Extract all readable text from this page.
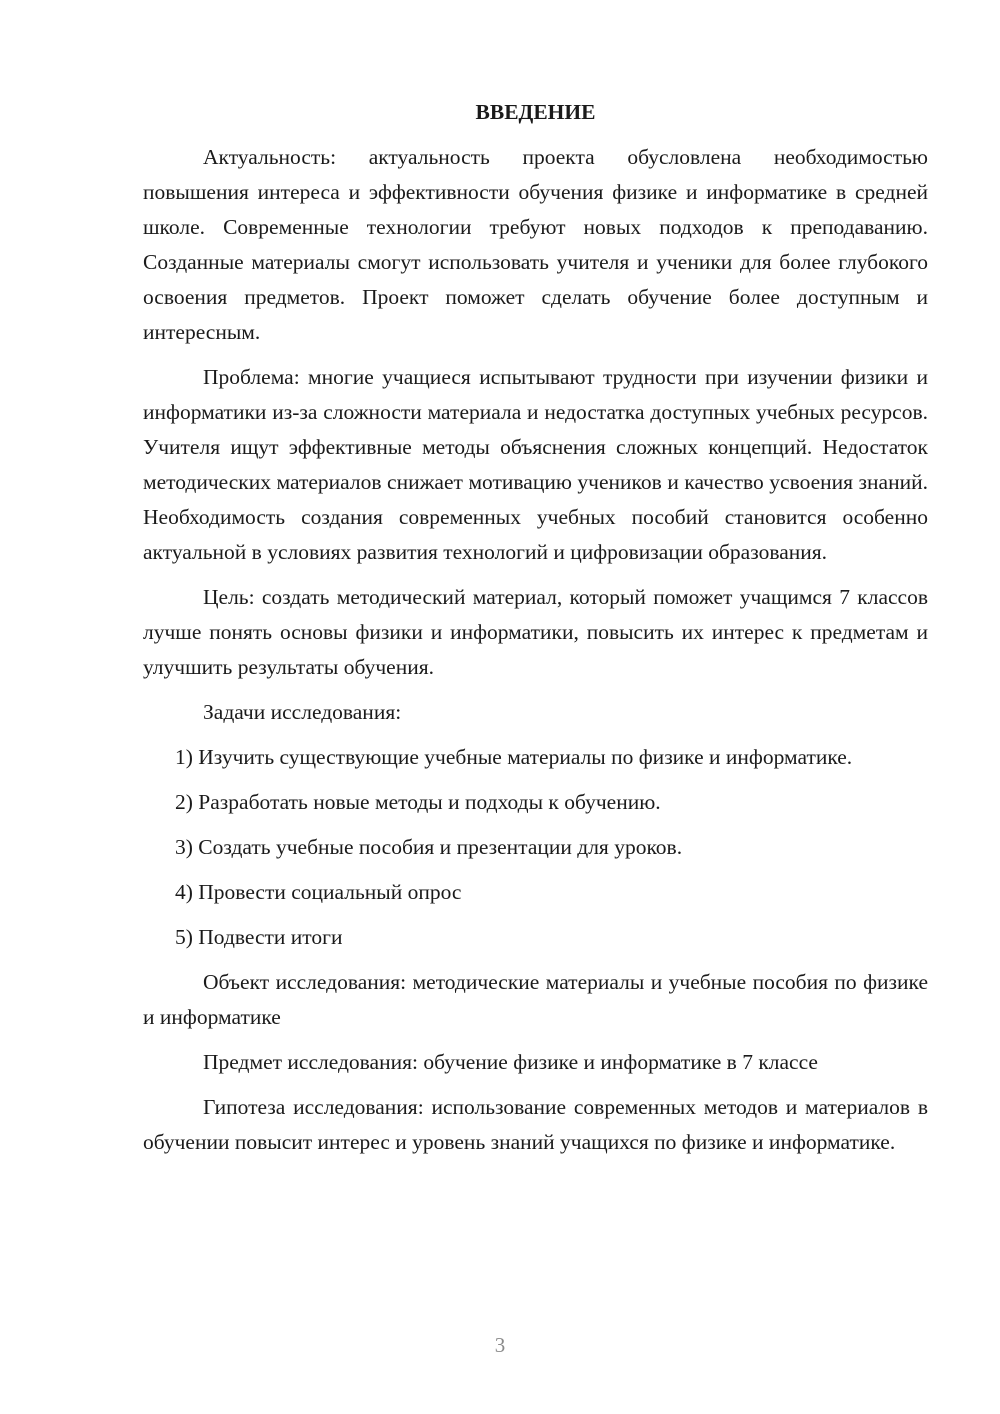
ВВЕДЕНИЕ

Актуальность: актуальность проекта обусловлена необходимостью повышения интереса и эффективности обучения физике и информатике в средней школе. Современные технологии требуют новых подходов к преподаванию. Созданные материалы смогут использовать учителя и ученики для более глубокого освоения предметов. Проект поможет сделать обучение более доступным и интересным.

Проблема: многие учащиеся испытывают трудности при изучении физики и информатики из-за сложности материала и недостатка доступных учебных ресурсов. Учителя ищут эффективные методы объяснения сложных концепций. Недостаток методических материалов снижает мотивацию учеников и качество усвоения знаний. Необходимость создания современных учебных пособий становится особенно актуальной в условиях развития технологий и цифровизации образования.

Цель: создать методический материал, который поможет учащимся 7 классов лучше понять основы физики и информатики, повысить их интерес к предметам и улучшить результаты обучения.

Задачи исследования:

1) Изучить существующие учебные материалы по физике и информатике.

2) Разработать новые методы и подходы к обучению.

3) Создать учебные пособия и презентации для уроков.

4) Провести социальный опрос

5) Подвести итоги

Объект исследования: методические материалы и учебные пособия по физике и информатике

Предмет исследования: обучение физике и информатике в 7 классе

Гипотеза исследования: использование современных методов и материалов в обучении повысит интерес и уровень знаний учащихся по физике и информатике.

3
